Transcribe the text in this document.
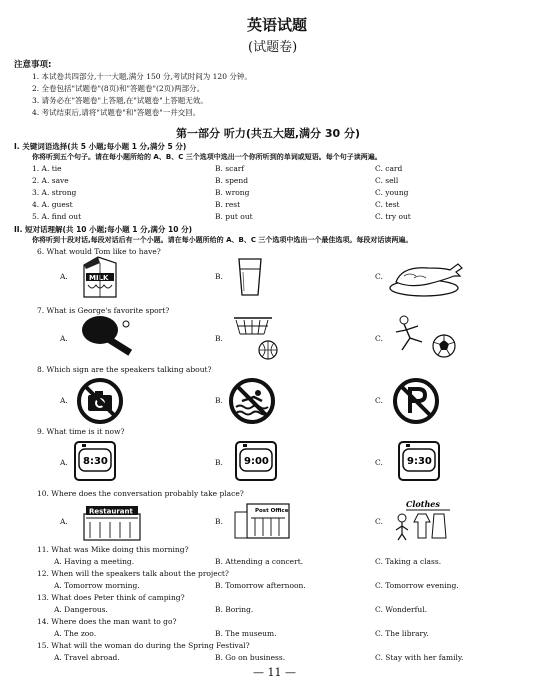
英语试题
(试题卷)
注意事项:
1. 本试卷共四部分,十一大题,满分 150 分,考试时间为 120 分钟。
2. 全卷包括"试题卷"(8页)和"答题卷"(2页)两部分。
3. 请务必在"答题卷"上答题,在"试题卷"上答题无效。
4. 考试结束后,请将"试题卷"和"答题卷"一并交回。
第一部分 听力(共五大题,满分 30 分)
I. 关键词语选择(共 5 小题;每小题 1 分,满分 5 分)
你将听到五个句子。请在每小题所给的 A、B、C 三个选项中选出一个你所听到的单词或短语。每个句子读两遍。
1. A. tie	B. scarf	C. card
2. A. save	B. spend	C. sell
3. A. strong	B. wrong	C. young
4. A. guest	B. rest	C. test
5. A. find out	B. put out	C. try out
II. 短对话理解(共 10 小题;每小题 1 分,满分 10 分)
你将听到十段对话,每段对话后有一个小题。请在每小题所给的 A、B、C 三个选项中选出一个最佳选项。每段对话读两遍。
6. What would Tom like to have?
A.	B.	C.
MILK
7. What is George's favorite sport?
A.	B.	C.
8. Which sign are the speakers talking about?
A.	B.	C.
9. What time is it now?
A.	B.	C.
8:30	9:00	9:30
10. Where does the conversation probably take place?
A.	B.	C.
Restaurant	Post Office
Clothes
11. What was Mike doing this morning?
A. Having a meeting.	B. Attending a concert.	C. Taking a class.
12. When will the speakers talk about the project?
A. Tomorrow morning.	B. Tomorrow afternoon.	C. Tomorrow evening.
13. What does Peter think of camping?
A. Dangerous.	B. Boring.	C. Wonderful.
14. Where does the man want to go?
A. The zoo.	B. The museum.	C. The library.
15. What will the woman do during the Spring Festival?
A. Travel abroad.	B. Go on business.	C. Stay with her family.
— 11 —
